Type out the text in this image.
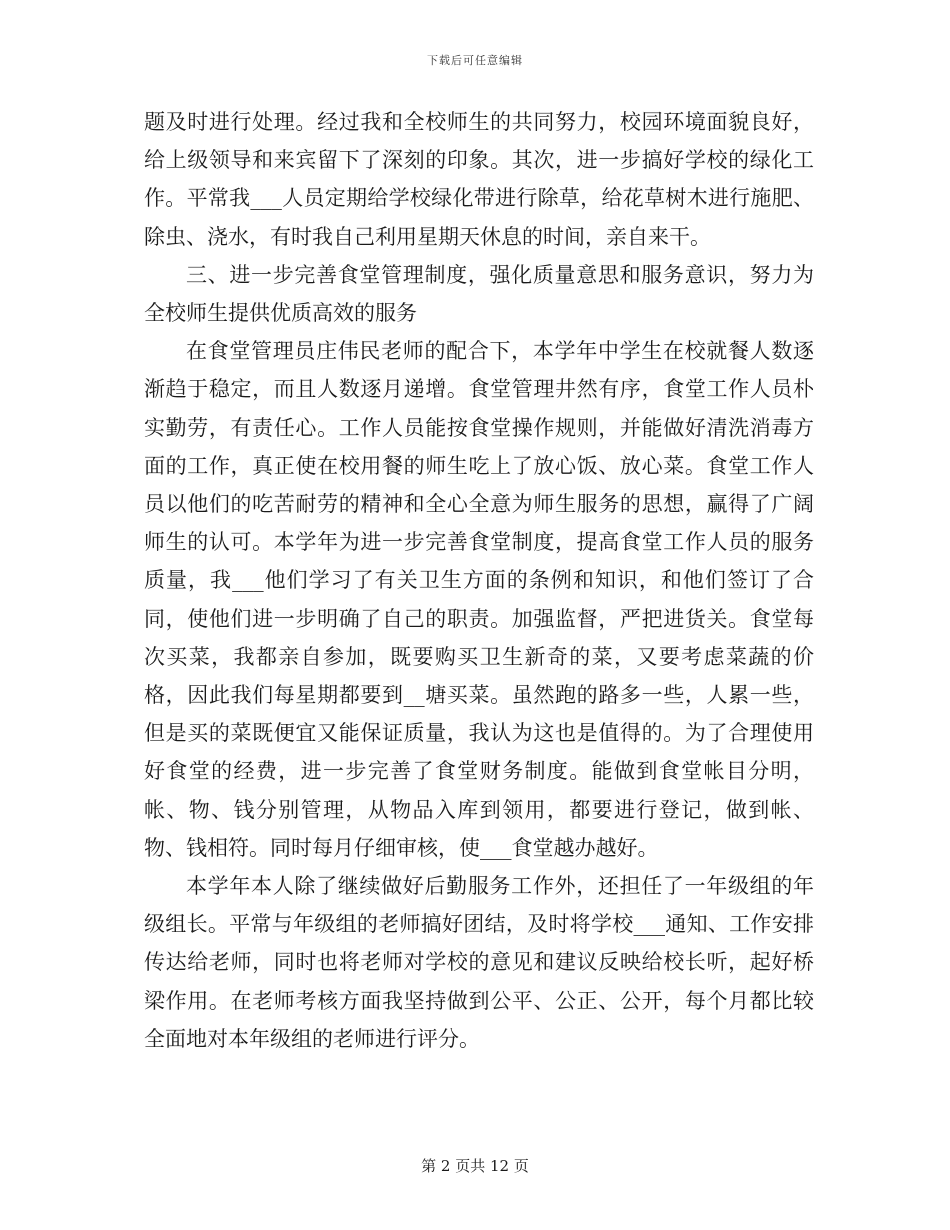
下载后可任意编辑

题及时进行处理。经过我和全校师生的共同努力，校园环境面貌良好，给上级领导和来宾留下了深刻的印象。其次，进一步搞好学校的绿化工作。平常我___人员定期给学校绿化带进行除草，给花草树木进行施肥、除虫、浇水，有时我自己利用星期天休息的时间，亲自来干。

三、进一步完善食堂管理制度，强化质量意思和服务意识，努力为全校师生提供优质高效的服务

在食堂管理员庄伟民老师的配合下，本学年中学生在校就餐人数逐渐趋于稳定，而且人数逐月递增。食堂管理井然有序，食堂工作人员朴实勤劳，有责任心。工作人员能按食堂操作规则，并能做好清洗消毒方面的工作，真正使在校用餐的师生吃上了放心饭、放心菜。食堂工作人员以他们的吃苦耐劳的精神和全心全意为师生服务的思想，赢得了广阔师生的认可。本学年为进一步完善食堂制度，提高食堂工作人员的服务质量，我___他们学习了有关卫生方面的条例和知识，和他们签订了合同，使他们进一步明确了自己的职责。加强监督，严把进货关。食堂每次买菜，我都亲自参加，既要购买卫生新奇的菜，又要考虑菜蔬的价格，因此我们每星期都要到__塘买菜。虽然跑的路多一些，人累一些，但是买的菜既便宜又能保证质量，我认为这也是值得的。为了合理使用好食堂的经费，进一步完善了食堂财务制度。能做到食堂帐目分明，帐、物、钱分别管理，从物品入库到领用，都要进行登记，做到帐、物、钱相符。同时每月仔细审核，使___食堂越办越好。

本学年本人除了继续做好后勤服务工作外，还担任了一年级组的年级组长。平常与年级组的老师搞好团结，及时将学校___通知、工作安排传达给老师，同时也将老师对学校的意见和建议反映给校长听，起好桥梁作用。在老师考核方面我坚持做到公平、公正、公开，每个月都比较全面地对本年级组的老师进行评分。

第 2 页共 12 页
